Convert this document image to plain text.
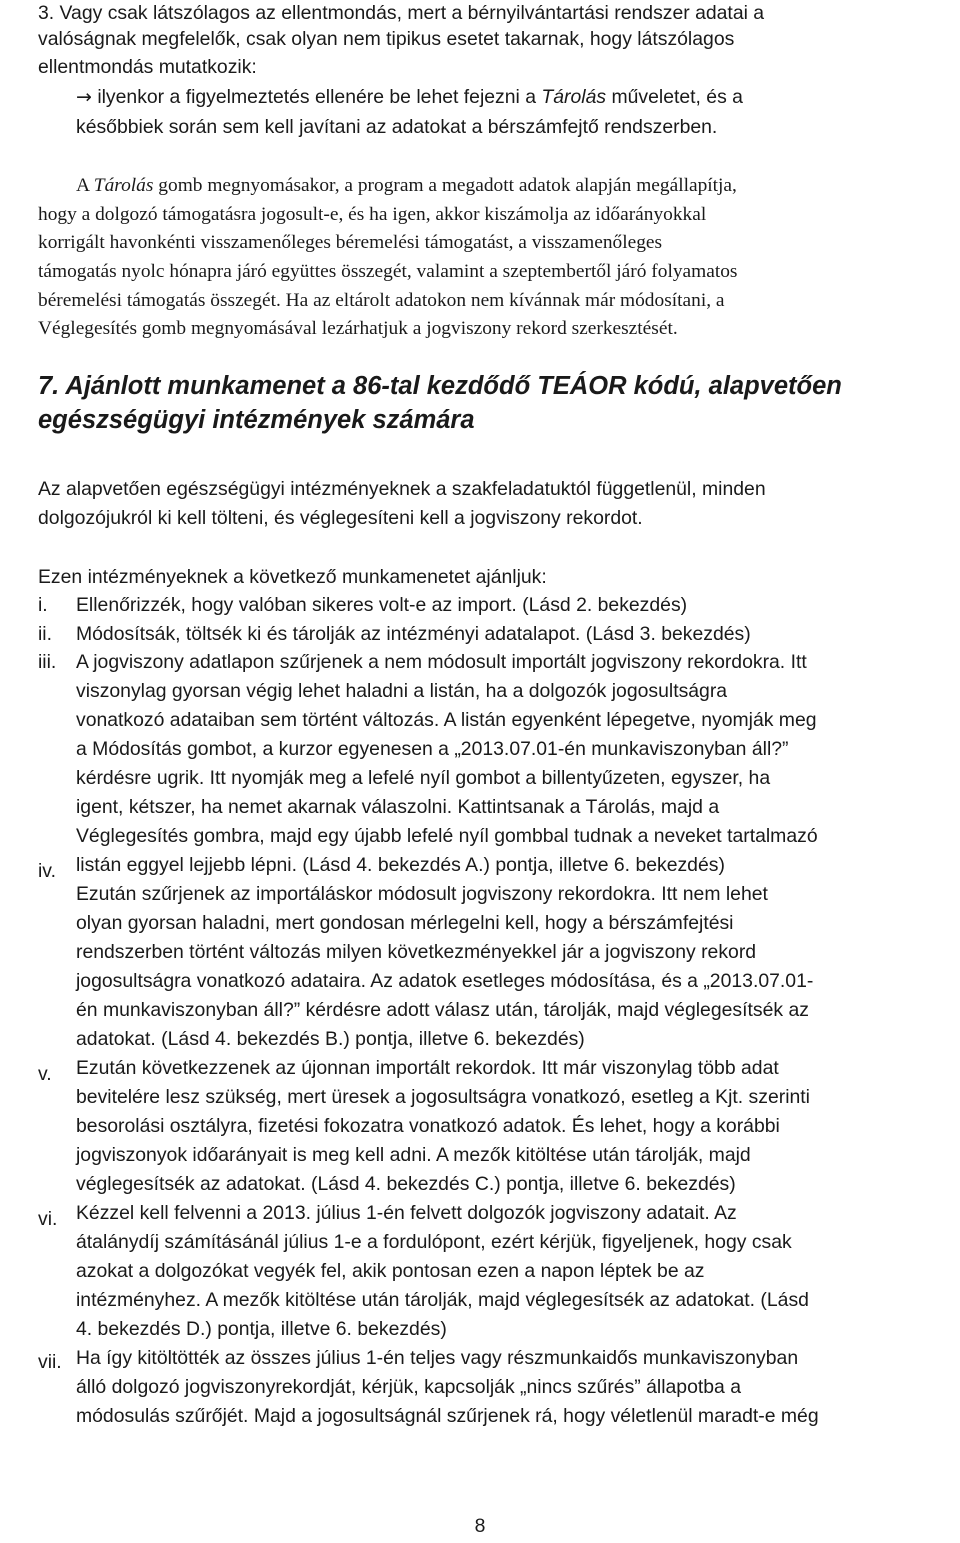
3. Vagy csak látszólagos az ellentmondás, mert a bérnyilvántartási rendszer adatai a
valóságnak megfelelők, csak olyan nem tipikus esetet takarnak, hogy látszólagos
ellentmondás mutatkozik:
→ ilyenkor a figyelmeztetés ellenére be lehet fejezni a Tárolás műveletet, és a
későbbiek során sem kell javítani az adatokat a bérszámfejtő rendszerben.
A Tárolás gomb megnyomásakor, a program a megadott adatok alapján megállapítja,
hogy a dolgozó támogatásra jogosult-e, és ha igen, akkor kiszámolja az időarányokkal
korrigált havonkénti visszamenőleges béremelési támogatást, a visszamenőleges
támogatás nyolc hónapra járó együttes összegét, valamint a szeptembertől járó folyamatos
béremelési támogatás összegét. Ha az eltárolt adatokon nem kívánnak már módosítani, a
Véglegesítés gomb megnyomásával lezárhatjuk a jogviszony rekord szerkesztését.
7. Ajánlott munkamenet a 86-tal kezdődő TEÁOR kódú, alapvetően
egészségügyi intézmények számára
Az alapvetően egészségügyi intézményeknek a szakfeladatuktól függetlenül, minden
dolgozójukról ki kell tölteni, és véglegesíteni kell a jogviszony rekordot.
Ezen intézményeknek a következő munkamenetet ajánljuk:
i.
ii.
iii.
iv.
v.
vi.
vii.
Ellenőrizzék, hogy valóban sikeres volt-e az import. (Lásd 2. bekezdés)
Módosítsák, töltsék ki és tárolják az intézményi adatalapot. (Lásd 3. bekezdés)
A jogviszony adatlapon szűrjenek a nem módosult importált jogviszony rekordokra. Itt
viszonylag gyorsan végig lehet haladni a listán, ha a dolgozók jogosultságra
vonatkozó adataiban sem történt változás. A listán egyenként lépegetve, nyomják meg
a Módosítás gombot, a kurzor egyenesen a „2013.07.01-én munkaviszonyban áll?”
kérdésre ugrik. Itt nyomják meg a lefelé nyíl gombot a billentyűzeten, egyszer, ha
igent, kétszer, ha nemet akarnak válaszolni. Kattintsanak a Tárolás, majd a
Véglegesítés gombra, majd egy újabb lefelé nyíl gombbal tudnak a neveket tartalmazó
listán eggyel lejjebb lépni. (Lásd 4. bekezdés A.) pontja, illetve 6. bekezdés)
Ezután szűrjenek az importáláskor módosult jogviszony rekordokra. Itt nem lehet
olyan gyorsan haladni, mert gondosan mérlegelni kell, hogy a bérszámfejtési
rendszerben történt változás milyen következményekkel jár a jogviszony rekord
jogosultságra vonatkozó adataira. Az adatok esetleges módosítása, és a „2013.07.01-
én munkaviszonyban áll?” kérdésre adott válasz után, tárolják, majd véglegesítsék az
adatokat. (Lásd 4. bekezdés B.) pontja, illetve 6. bekezdés)
Ezután következzenek az újonnan importált rekordok. Itt már viszonylag több adat
bevitelére lesz szükség, mert üresek a jogosultságra vonatkozó, esetleg a Kjt. szerinti
besorolási osztályra, fizetési fokozatra vonatkozó adatok. És lehet, hogy a korábbi
jogviszonyok időarányait is meg kell adni. A mezők kitöltése után tárolják, majd
véglegesítsék az adatokat. (Lásd 4. bekezdés C.) pontja, illetve 6. bekezdés)
Kézzel kell felvenni a 2013. július 1-én felvett dolgozók jogviszony adatait. Az
átalánydíj számításánál július 1-e a fordulópont, ezért kérjük, figyeljenek, hogy csak
azokat a dolgozókat vegyék fel, akik pontosan ezen a napon léptek be az
intézményhez. A mezők kitöltése után tárolják, majd véglegesítsék az adatokat. (Lásd
4. bekezdés D.) pontja, illetve 6. bekezdés)
Ha így kitöltötték az összes július 1-én teljes vagy részmunkaidős munkaviszonyban
álló dolgozó jogviszonyrekordját, kérjük, kapcsolják „nincs szűrés” állapotba a
módosulás szűrőjét. Majd a jogosultságnál szűrjenek rá, hogy véletlenül maradt-e még
8
